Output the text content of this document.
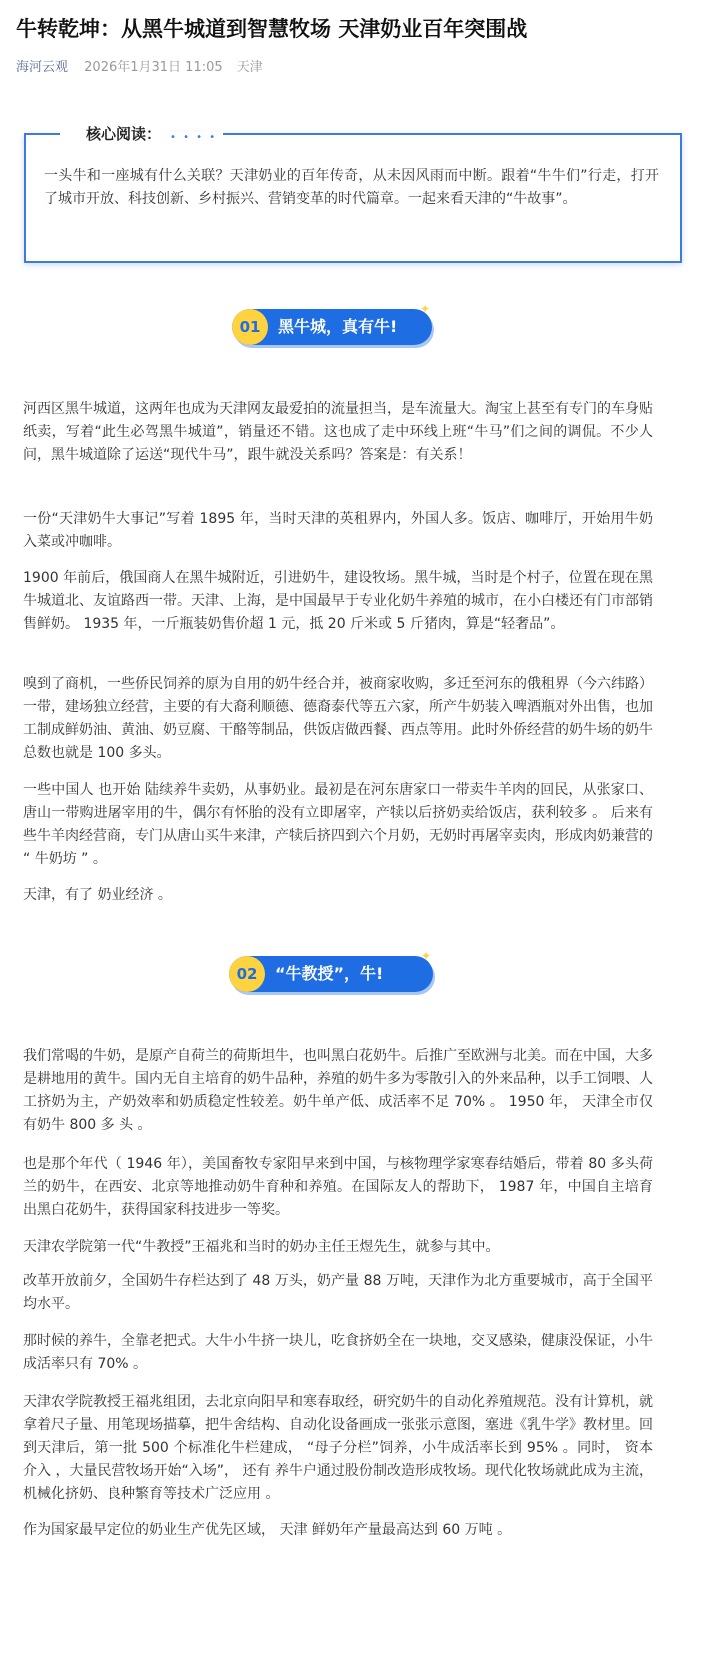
牛转乾坤：从黑牛城道到智慧牧场 天津奶业百年突围战
海河云观 2026年1月31日 11:05 天津
核心阅读： • • • •
一头牛和一座城有什么关联？天津奶业的百年传奇，从未因风雨而中断。跟着“牛牛们”行走，打开了城市开放、科技创新、乡村振兴、营销变革的时代篇章。一起来看天津的“牛故事”。
01	黑牛城，真有牛!
✦

河西区黑牛城道，这两年也成为天津网友最爱拍的流量担当，是车流量大。淘宝上甚至有专门的车身贴纸卖，写着“此生必驾黑牛城道”，销量还不错。这也成了走中环线上班“牛马”们之间的调侃。不少人问，黑牛城道除了运送“现代牛马”，跟牛就没关系吗？答案是：有关系！

一份“天津奶牛大事记”写着 1895 年，当时天津的英租界内，外国人多。饭店、咖啡厅，开始用牛奶入菜或冲咖啡。

1900 年前后，俄国商人在黑牛城附近，引进奶牛，建设牧场。黑牛城，当时是个村子，位置在现在黑牛城道北、友谊路西一带。天津、上海，是中国最早于专业化奶牛养殖的城市，在小白楼还有门市部销售鲜奶。 1935 年，一斤瓶装奶售价超 1 元，抵 20 斤米或 5 斤猪肉，算是“轻奢品”。

嗅到了商机，一些侨民饲养的原为自用的奶牛经合并，被商家收购，多迁至河东的俄租界（今六纬路）一带，建场独立经营，主要的有大裔利顺德、德裔泰代等五六家，所产牛奶装入啤酒瓶对外出售，也加工制成鲜奶油、黄油、奶豆腐、干酪等制品，供饭店做西餐、西点等用。此时外侨经营的奶牛场的奶牛总数也就是 100 多头。

一些中国人 也开始 陆续养牛卖奶，从事奶业。最初是在河东唐家口一带卖牛羊肉的回民，从张家口、唐山一带购进屠宰用的牛，偶尔有怀胎的没有立即屠宰，产犊以后挤奶卖给饭店，获利较多 。 后来有些牛羊肉经营商，专门从唐山买牛来津，产犊后挤四到六个月奶，无奶时再屠宰卖肉，形成肉奶兼营的 “ 牛奶坊 ” 。

天津，有了 奶业经济 。

02	“牛教授”，牛!
✦

我们常喝的牛奶，是原产自荷兰的荷斯坦牛，也叫黑白花奶牛。后推广至欧洲与北美。而在中国，大多是耕地用的黄牛。国内无自主培育的奶牛品种，养殖的奶牛多为零散引入的外来品种，以手工饲喂、人工挤奶为主，产奶效率和奶质稳定性较差。奶牛单产低、成活率不足 70% 。 1950 年， 天津全市仅有奶牛 800 多 头 。

也是那个年代（ 1946 年），美国畜牧专家阳早来到中国，与核物理学家寒春结婚后，带着 80 多头荷兰的奶牛，在西安、北京等地推动奶牛育种和养殖。在国际友人的帮助下， 1987 年，中国自主培育出黑白花奶牛，获得国家科技进步一等奖。

天津农学院第一代“牛教授”王福兆和当时的奶办主任王煜先生，就参与其中。

改革开放前夕，全国奶牛存栏达到了 48 万头，奶产量 88 万吨，天津作为北方重要城市，高于全国平均水平。

那时候的养牛，全靠老把式。大牛小牛挤一块儿，吃食挤奶全在一块地，交叉感染，健康没保证，小牛成活率只有 70% 。

天津农学院教授王福兆组团，去北京向阳早和寒春取经，研究奶牛的自动化养殖规范。没有计算机，就拿着尺子量、用笔现场描摹，把牛舍结构、自动化设备画成一张张示意图，塞进《乳牛学》教材里。回到天津后，第一批 500 个标准化牛栏建成， “母子分栏”饲养，小牛成活率长到 95% 。同时， 资本介入 ，大量民营牧场开始“入场”， 还有 养牛户通过股份制改造形成牧场。现代化牧场就此成为主流，机械化挤奶、良种繁育等技术广泛应用 。

作为国家最早定位的奶业生产优先区域， 天津 鲜奶年产量最高达到 60 万吨 。
